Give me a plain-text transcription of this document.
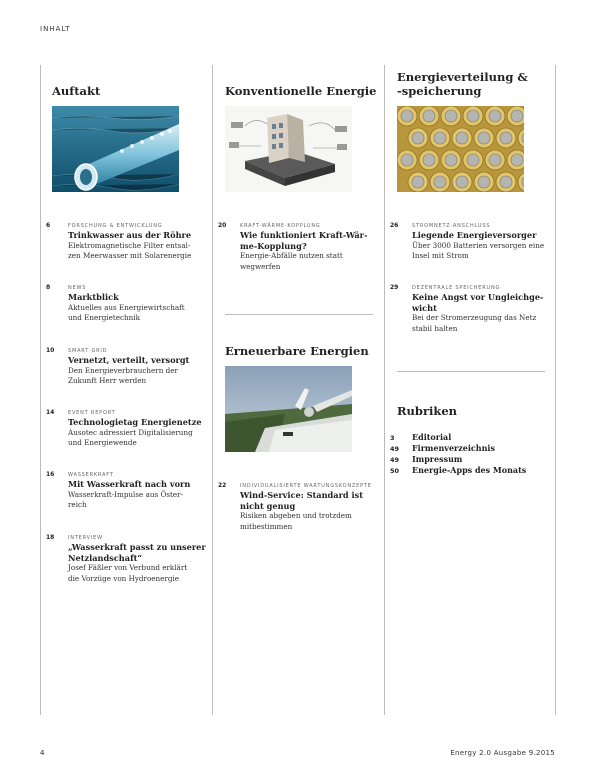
INHALT
Auftakt	Konventionelle Energie
Energieverteilung &
-speicherung
6	FORSCHUNG & ENTWICKLUNG
Trinkwasser aus der Röhre
Elektromagnetische Filter entsal-
zen Meerwasser mit Solarenergie
8	NEWS
Marktblick
Aktuelles aus Energiewirtschaft
und Energietechnik
10	SMART GRID
Vernetzt, verteilt, versorgt
Den Energieverbrauchern der
Zukunft Herr werden
14	EVENT REPORT
Technologietag Energienetze
Ausotec adressiert Digitalisierung
und Energiewende
16	WASSERKRAFT
Mit Wasserkraft nach vorn
Wasserkraft-Impulse aus Öster-
reich
18	INTERVIEW
„Wasserkraft passt zu unserer
Netzlandschaft“
Josef Fäßler von Verbund erklärt
die Vorzüge von Hydroenergie
20	KRAFT-WÄRME-KOPPLUNG
Wie funktioniert Kraft-Wär-
me-Kopplung?
Energie-Abfälle nutzen statt
wegwerfen
Erneuerbare Energien
22	INDIVIDUALISIERTE WARTUNGSKONZEPTE
Wind-Service: Standard ist
nicht genug
Risiken abgeben und trotzdem
mitbestimmen
26	STROMNETZ-ANSCHLUSS
Liegende Energieversorger
Über 3000 Batterien versorgen eine
Insel mit Strom
29	DEZENTRALE SPEICHERUNG
Keine Angst vor Ungleichge-
wicht
Bei der Stromerzeugung das Netz
stabil halten
Rubriken
3 Editorial
49 Firmenverzeichnis
49 Impressum
50 Energie-Apps des Monats
4	Energy 2.0 Ausgabe 9.2015
